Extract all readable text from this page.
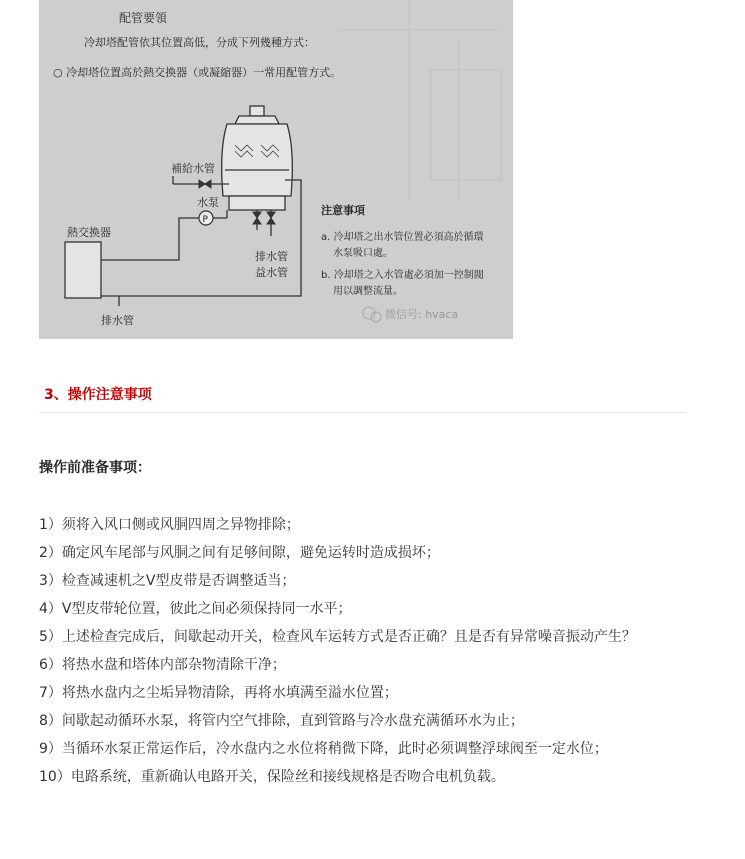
配管要領
冷却塔配管依其位置高低，分成下列幾種方式：
○ 冷却塔位置高於熱交換器（或凝縮器）一常用配管方式。
P
補給水管
水泵
熱交換器
排水管
益水管
排水管
注意事項
a. 冷却塔之出水管位置必須高於循環
水泵吸口處。
b. 冷却塔之入水管處必須加一控制閥
用以調整流量。
微信号: hvaca
3、操作注意事项
操作前准备事项：
1）须将入风口侧或风胴四周之异物排除；
2）确定风车尾部与风胴之间有足够间隙，避免运转时造成损坏；
3）检查减速机之V型皮带是否调整适当；
4）V型皮带轮位置，彼此之间必须保持同一水平；
5）上述检查完成后，间歇起动开关，检查风车运转方式是否正确？且是否有异常噪音振动产生？
6）将热水盘和塔体内部杂物清除干净；
7）将热水盘内之尘垢异物清除，再将水填满至溢水位置；
8）间歇起动循环水泵，将管内空气排除，直到管路与冷水盘充满循环水为止；
9）当循环水泵正常运作后，冷水盘内之水位将稍微下降，此时必须调整浮球阀至一定水位；
10）电路系统，重新确认电路开关，保险丝和接线规格是否吻合电机负载。
